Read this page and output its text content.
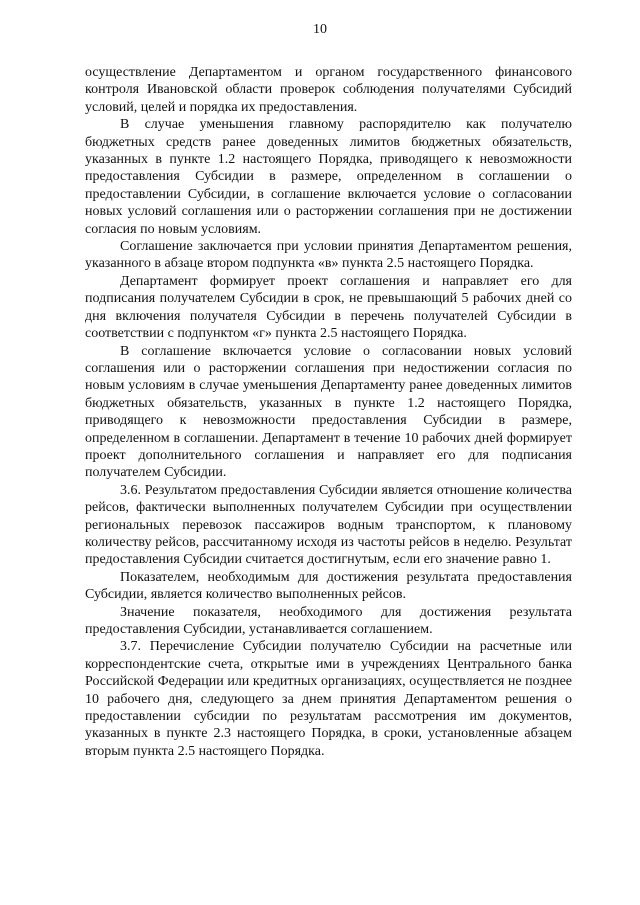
10

осуществление Департаментом и органом государственного финансового контроля Ивановской области проверок соблюдения получателями Субсидий условий, целей и порядка их предоставления.

В случае уменьшения главному распорядителю как получателю бюджетных средств ранее доведенных лимитов бюджетных обязательств, указанных в пункте 1.2 настоящего Порядка, приводящего к невозможности предоставления Субсидии в размере, определенном в соглашении о предоставлении Субсидии, в соглашение включается условие о согласовании новых условий соглашения или о расторжении соглашения при не достижении согласия по новым условиям.

Соглашение заключается при условии принятия Департаментом решения, указанного в абзаце втором подпункта «в» пункта 2.5 настоящего Порядка.

Департамент формирует проект соглашения и направляет его для подписания получателем Субсидии в срок, не превышающий 5 рабочих дней со дня включения получателя Субсидии в перечень получателей Субсидии в соответствии с подпунктом «г» пункта 2.5 настоящего Порядка.

В соглашение включается условие о согласовании новых условий соглашения или о расторжении соглашения при недостижении согласия по новым условиям в случае уменьшения Департаменту ранее доведенных лимитов бюджетных обязательств, указанных в пункте 1.2 настоящего Порядка, приводящего к невозможности предоставления Субсидии в размере, определенном в соглашении. Департамент в течение 10 рабочих дней формирует проект дополнительного соглашения и направляет его для подписания получателем Субсидии.

3.6. Результатом предоставления Субсидии является отношение количества рейсов, фактически выполненных получателем Субсидии при осуществлении региональных перевозок пассажиров водным транспортом, к плановому количеству рейсов, рассчитанному исходя из частоты рейсов в неделю. Результат предоставления Субсидии считается достигнутым, если его значение равно 1.

Показателем, необходимым для достижения результата предоставления Субсидии, является количество выполненных рейсов.

Значение показателя, необходимого для достижения результата предоставления Субсидии, устанавливается соглашением.

3.7. Перечисление Субсидии получателю Субсидии на расчетные или корреспондентские счета, открытые ими в учреждениях Центрального банка Российской Федерации или кредитных организациях, осуществляется не позднее 10 рабочего дня, следующего за днем принятия Департаментом решения о предоставлении субсидии по результатам рассмотрения им документов, указанных в пункте 2.3 настоящего Порядка, в сроки, установленные абзацем вторым пункта 2.5 настоящего Порядка.
